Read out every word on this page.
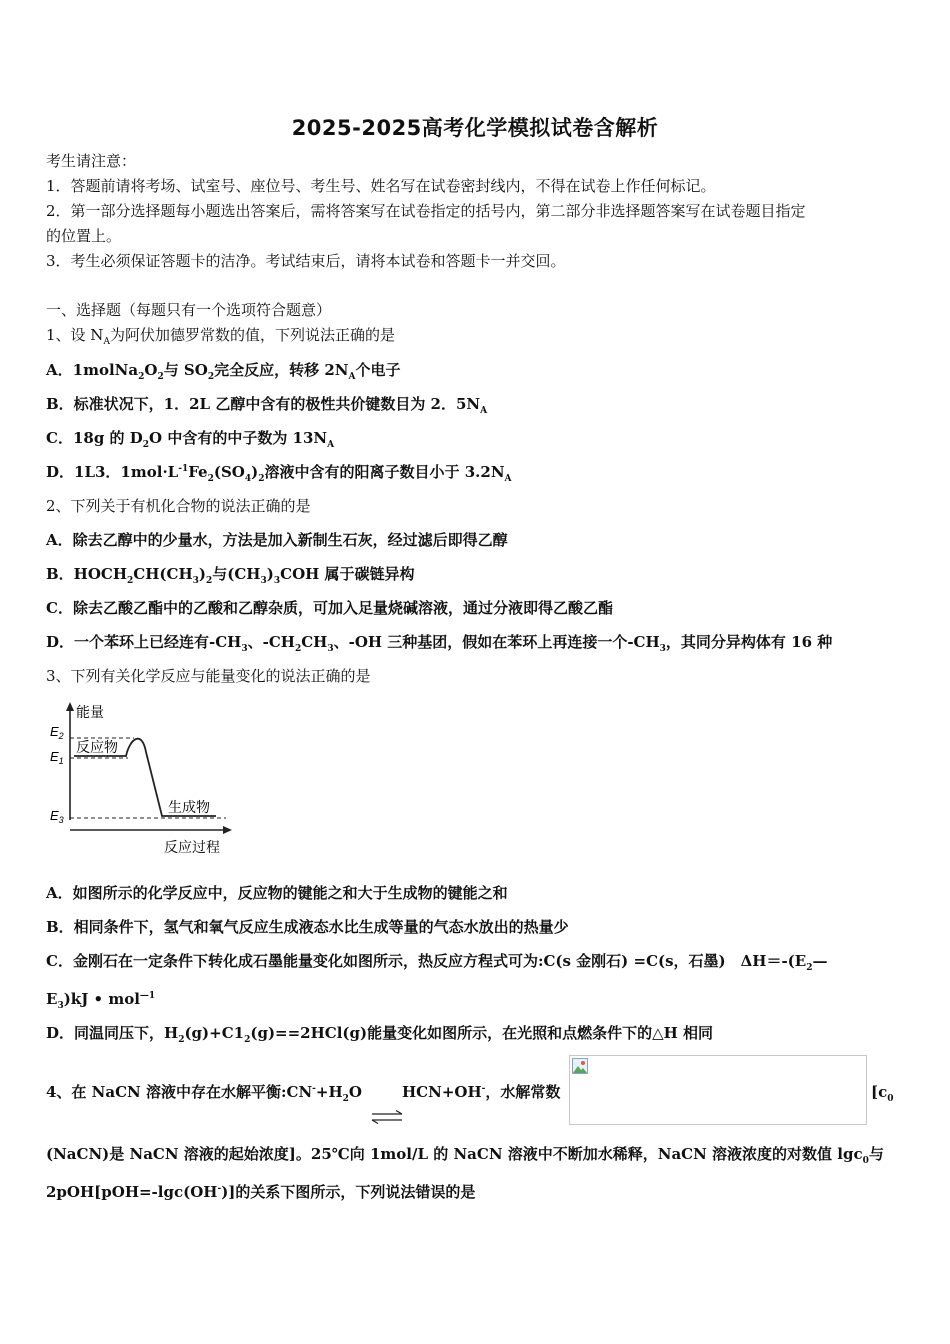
2025-2025高考化学模拟试卷含解析
考生请注意：
1．答题前请将考场、试室号、座位号、考生号、姓名写在试卷密封线内，不得在试卷上作任何标记。
2．第一部分选择题每小题选出答案后，需将答案写在试卷指定的括号内，第二部分非选择题答案写在试卷题目指定
的位置上。
3．考生必须保证答题卡的洁净。考试结束后，请将本试卷和答题卡一并交回。
一、选择题（每题只有一个选项符合题意）
1、设 $N_A$为阿伏加德罗常数的值，下列说法正确的是
A．$1molNa_2O_2$与 $SO_2$完全反应，转移 $2N_A$个电子
B．标准状况下，1．2L 乙醇中含有的极性共价键数目为 2．$5N_A$
C．18g 的 $D_2O$ 中含有的中子数为 $13N_A$
D．1L3．$1mol\cdot L^{-1}Fe_2(SO_4)_2$溶液中含有的阳离子数目小于 $3.2N_A$
2、下列关于有机化合物的说法正确的是
A．除去乙醇中的少量水，方法是加入新制生石灰，经过滤后即得乙醇
B．$HOCH_2CH(CH_3)_2$与$(CH_3)_3COH$ 属于碳链异构
C．除去乙酸乙酯中的乙酸和乙醇杂质，可加入足量烧碱溶液，通过分液即得乙酸乙酯
D．一个苯环上已经连有$-CH_3$、$-CH_2CH_3$、-OH 三种基团，假如在苯环上再连接一个$-CH_3$，其同分异构体有 16 种
3、下列有关化学反应与能量变化的说法正确的是
能量
反应物
生成物
反应过程
$E_2$
$E_1$
$E_3$
A．如图所示的化学反应中，反应物的键能之和大于生成物的键能之和
B．相同条件下，氢气和氧气反应生成液态水比生成等量的气态水放出的热量少
C．金刚石在一定条件下转化成石墨能量变化如图所示，热反应方程式可为:C(s 金刚石) =C(s，石墨)　$\Delta H=-(E_2—$
$E_3)kJ$ • mol$^{—1}$
D．同温同压下，$H_2(g)+C1_2(g)==2HCl(g)$能量变化如图所示，在光照和点燃条件下的△H 相同
4、在 NaCN 溶液中存在水解平衡$:CN^-+H_2O$	HCN+OH-，水解常数	[$c_0$
(NaCN)是 NaCN 溶液的起始浓度]。25℃向 1mol/L 的 NaCN 溶液中不断加水稀释，NaCN 溶液浓度的对数值 lgc$_0$与
2pOH[pOH=-lgc(OH-)]的关系下图所示，下列说法错误的是
